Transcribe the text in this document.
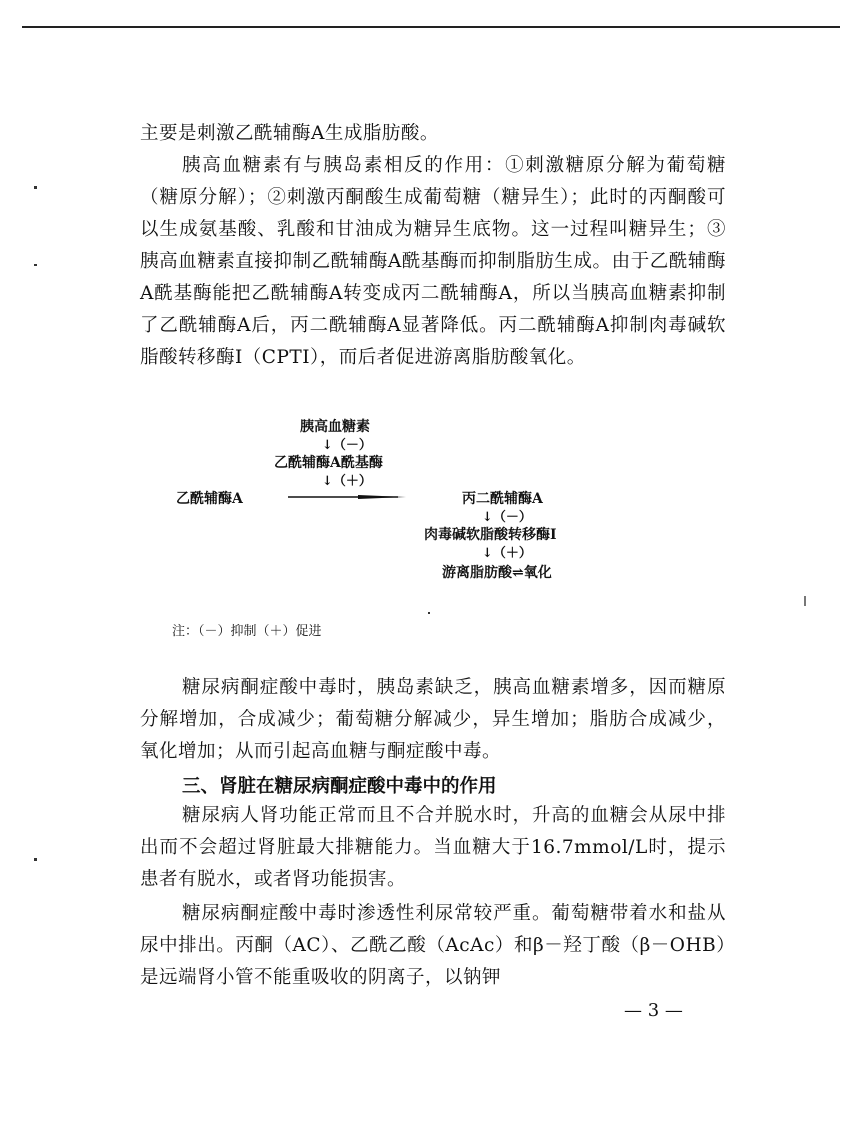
主要是刺激乙酰辅酶A生成脂肪酸。

胰高血糖素有与胰岛素相反的作用：①刺激糖原分解为葡萄糖（糖原分解）；②刺激丙酮酸生成葡萄糖（糖异生）；此时的丙酮酸可以生成氨基酸、乳酸和甘油成为糖异生底物。这一过程叫糖异生；③胰高血糖素直接抑制乙酰辅酶A酰基酶而抑制脂肪生成。由于乙酰辅酶A酰基酶能把乙酰辅酶A转变成丙二酰辅酶A，所以当胰高血糖素抑制了乙酰辅酶A后，丙二酰辅酶A显著降低。丙二酰辅酶A抑制肉毒碱软脂酸转移酶Ⅰ（CPTⅠ），而后者促进游离脂肪酸氧化。

胰高血糖素
↓（－）
乙酰辅酶A酰基酶
↓（＋）
乙酰辅酶A	丙二酰辅酶A
↓（－）
肉毒碱软脂酸转移酶Ⅰ
↓（＋）
游离脂肪酸⇌氧化
注：（－）抑制（＋）促进

糖尿病酮症酸中毒时，胰岛素缺乏，胰高血糖素增多，因而糖原分解增加，合成减少；葡萄糖分解减少，异生增加；脂肪合成减少，氧化增加；从而引起高血糖与酮症酸中毒。

三、肾脏在糖尿病酮症酸中毒中的作用

糖尿病人肾功能正常而且不合并脱水时，升高的血糖会从尿中排出而不会超过肾脏最大排糖能力。当血糖大于16.7mmol/L时，提示患者有脱水，或者肾功能损害。

糖尿病酮症酸中毒时渗透性利尿常较严重。葡萄糖带着水和盐从尿中排出。丙酮（AC）、乙酰乙酸（AcAc）和β－羟丁酸（β－OHB）是远端肾小管不能重吸收的阴离子，以钠钾

— 3 —
